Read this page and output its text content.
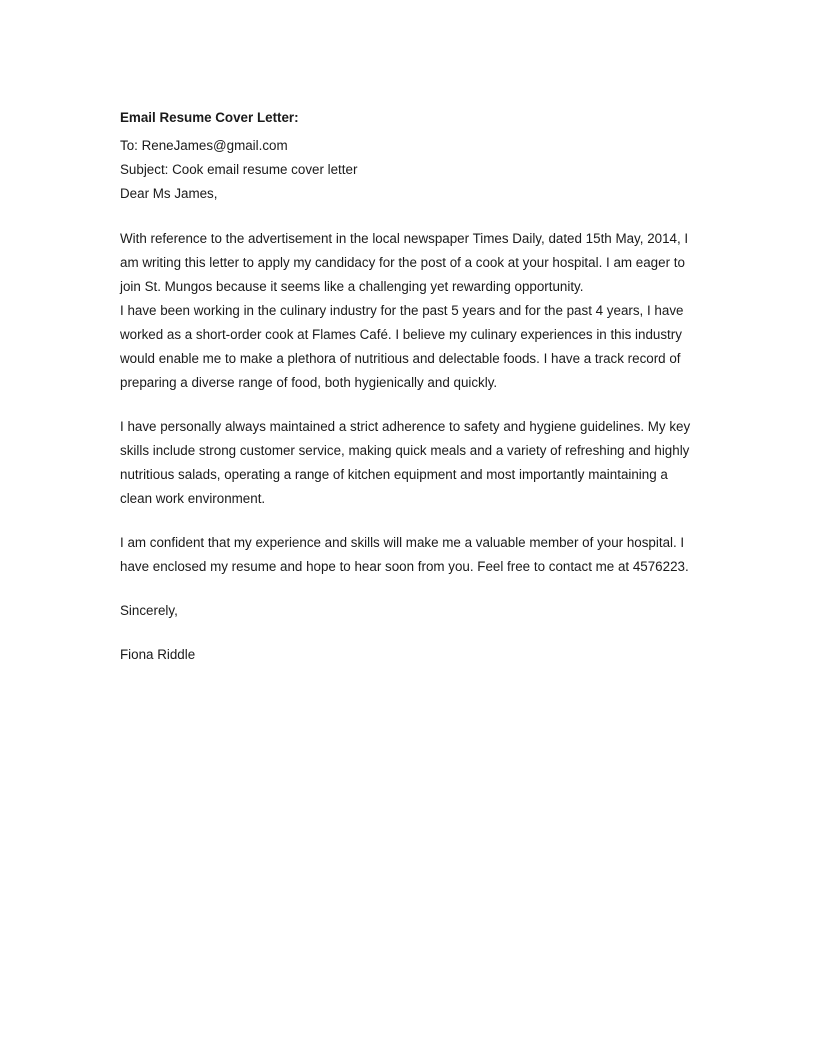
Email Resume Cover Letter:
To: ReneJames@gmail.com
Subject: Cook email resume cover letter
Dear Ms James,
With reference to the advertisement in the local newspaper Times Daily, dated 15th May, 2014, I
am writing this letter to apply my candidacy for the post of a cook at your hospital. I am eager to
join St. Mungos because it seems like a challenging yet rewarding opportunity.
I have been working in the culinary industry for the past 5 years and for the past 4 years, I have
worked as a short-order cook at Flames Café. I believe my culinary experiences in this industry
would enable me to make a plethora of nutritious and delectable foods. I have a track record of
preparing a diverse range of food, both hygienically and quickly.
I have personally always maintained a strict adherence to safety and hygiene guidelines. My key
skills include strong customer service, making quick meals and a variety of refreshing and highly
nutritious salads, operating a range of kitchen equipment and most importantly maintaining a
clean work environment.
I am confident that my experience and skills will make me a valuable member of your hospital. I
have enclosed my resume and hope to hear soon from you. Feel free to contact me at 4576223.
Sincerely,
Fiona Riddle
